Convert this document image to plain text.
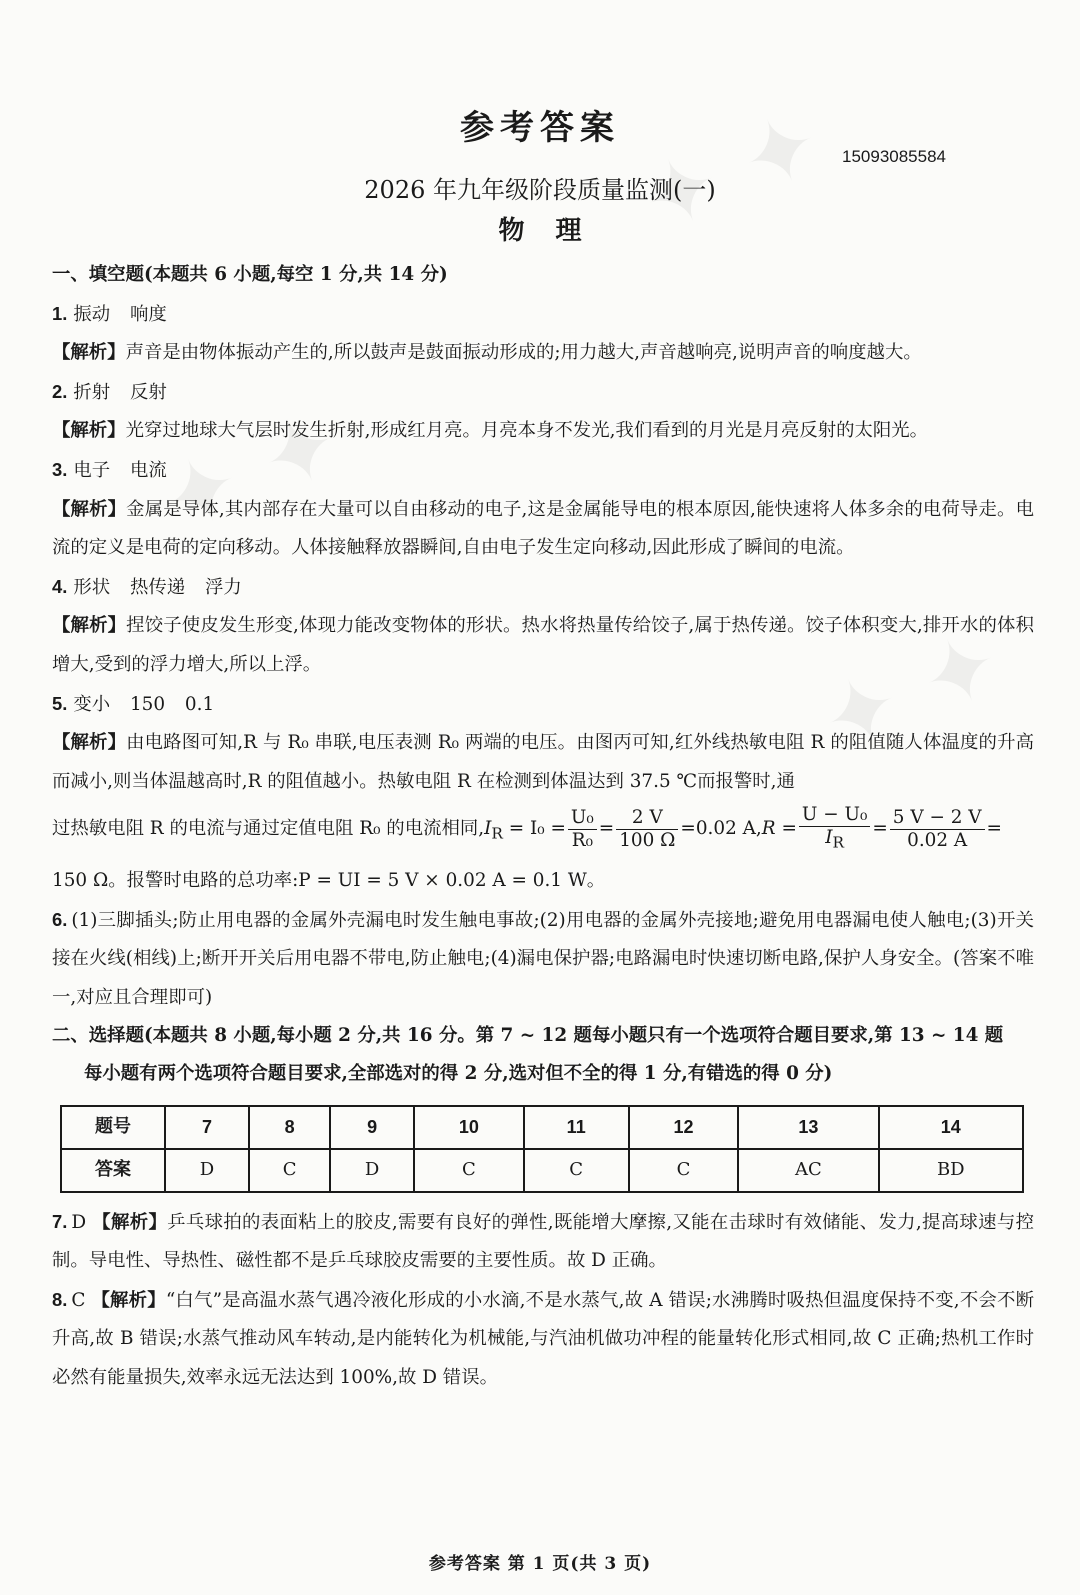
✦ ✦
✦ ✦
✦ ✦
参考答案
15093085584
2026 年九年级阶段质量监测(一)
物 理

一、填空题(本题共 6 小题,每空 1 分,共 14 分)

1. 振动 响度

【解析】声音是由物体振动产生的,所以鼓声是鼓面振动形成的;用力越大,声音越响亮,说明声音的响度越大。

2. 折射 反射

【解析】光穿过地球大气层时发生折射,形成红月亮。月亮本身不发光,我们看到的月光是月亮反射的太阳光。

3. 电子 电流

【解析】金属是导体,其内部存在大量可以自由移动的电子,这是金属能导电的根本原因,能快速将人体多余的电荷导走。电流的定义是电荷的定向移动。人体接触释放器瞬间,自由电子发生定向移动,因此形成了瞬间的电流。

4. 形状 热传递 浮力

【解析】捏饺子使皮发生形变,体现力能改变物体的形状。热水将热量传给饺子,属于热传递。饺子体积变大,排开水的体积增大,受到的浮力增大,所以上浮。

5. 变小 150 0.1

【解析】由电路图可知,R 与 R₀ 串联,电压表测 R₀ 两端的电压。由图丙可知,红外线热敏电阻 R 的阻值随人体温度的升高而减小,则当体温越高时,R 的阻值越小。热敏电阻 R 在检测到体温达到 37.5 ℃而报警时,通

过热敏电阻 R 的电流与通过定值电阻 R₀ 的电流相同$,I_R = I_0 = \frac{\text{U₀}}{\text{R₀}} = \frac{2 V}{100 \Omega} =0.02$ $A,R = \frac{\text{U − U₀}}{I_R} = \frac{5 V - 2 V}{0.02 A}$ =

150 Ω。报警时电路的总功率:P = UI = 5 V × 0.02 A = 0.1 W。

6. (1)三脚插头;防止用电器的金属外壳漏电时发生触电事故;(2)用电器的金属外壳接地;避免用电器漏电使人触电;(3)开关接在火线(相线)上;断开开关后用电器不带电,防止触电;(4)漏电保护器;电路漏电时快速切断电路,保护人身安全。(答案不唯一,对应且合理即可)

二、选择题(本题共 8 小题,每小题 2 分,共 16 分。第 7 ~ 12 题每小题只有一个选项符合题目要求,第 13 ~ 14 题
每小题有两个选项符合题目要求,全部选对的得 2 分,选对但不全的得 1 分,有错选的得 0 分)

题号	7	8	9	10	11	12	13	14
答案	D	C	D	C	C	C	AC	BD

7. D 【解析】乒乓球拍的表面粘上的胶皮,需要有良好的弹性,既能增大摩擦,又能在击球时有效储能、发力,提高球速与控制。导电性、导热性、磁性都不是乒乓球胶皮需要的主要性质。故 D 正确。

8. C 【解析】“白气”是高温水蒸气遇冷液化形成的小水滴,不是水蒸气,故 A 错误;水沸腾时吸热但温度保持不变,不会不断升高,故 B 错误;水蒸气推动风车转动,是内能转化为机械能,与汽油机做功冲程的能量转化形式相同,故 C 正确;热机工作时必然有能量损失,效率永远无法达到 100%,故 D 错误。

参考答案 第 1 页(共 3 页)
